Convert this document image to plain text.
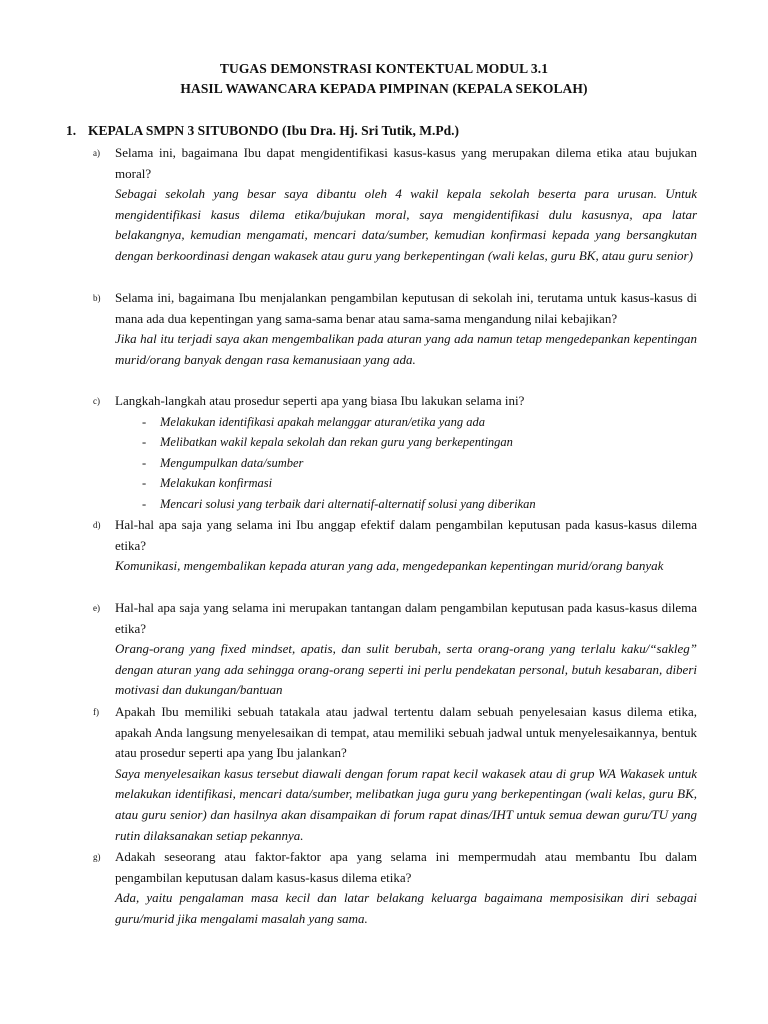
TUGAS DEMONSTRASI KONTEKTUAL MODUL 3.1
HASIL WAWANCARA KEPADA PIMPINAN (KEPALA SEKOLAH)
1. KEPALA SMPN 3 SITUBONDO (Ibu Dra. Hj. Sri Tutik, M.Pd.)
a) Selama ini, bagaimana Ibu dapat mengidentifikasi kasus-kasus yang merupakan dilema etika atau bujukan moral?
Sebagai sekolah yang besar saya dibantu oleh 4 wakil kepala sekolah beserta para urusan. Untuk mengidentifikasi kasus dilema etika/bujukan moral, saya mengidentifikasi dulu kasusnya, apa latar belakangnya, kemudian mengamati, mencari data/sumber, kemudian konfirmasi kepada yang bersangkutan dengan berkoordinasi dengan wakasek atau guru yang berkepentingan (wali kelas, guru BK, atau guru senior)
b) Selama ini, bagaimana Ibu menjalankan pengambilan keputusan di sekolah ini, terutama untuk kasus-kasus di mana ada dua kepentingan yang sama-sama benar atau sama-sama mengandung nilai kebajikan?
Jika hal itu terjadi saya akan mengembalikan pada aturan yang ada namun tetap mengedepankan kepentingan murid/orang banyak dengan rasa kemanusiaan yang ada.
c) Langkah-langkah atau prosedur seperti apa yang biasa Ibu lakukan selama ini?
- Melakukan identifikasi apakah melanggar aturan/etika yang ada
- Melibatkan wakil kepala sekolah dan rekan guru yang berkepentingan
- Mengumpulkan data/sumber
- Melakukan konfirmasi
- Mencari solusi yang terbaik dari alternatif-alternatif solusi yang diberikan
d) Hal-hal apa saja yang selama ini Ibu anggap efektif dalam pengambilan keputusan pada kasus-kasus dilema etika?
Komunikasi, mengembalikan kepada aturan yang ada, mengedepankan kepentingan murid/orang banyak
e) Hal-hal apa saja yang selama ini merupakan tantangan dalam pengambilan keputusan pada kasus-kasus dilema etika?
Orang-orang yang fixed mindset, apatis, dan sulit berubah, serta orang-orang yang terlalu kaku/“sakleg” dengan aturan yang ada sehingga orang-orang seperti ini perlu pendekatan personal, butuh kesabaran, diberi motivasi dan dukungan/bantuan
f) Apakah Ibu memiliki sebuah tatakala atau jadwal tertentu dalam sebuah penyelesaian kasus dilema etika, apakah Anda langsung menyelesaikan di tempat, atau memiliki sebuah jadwal untuk menyelesaikannya, bentuk atau prosedur seperti apa yang Ibu jalankan?
Saya menyelesaikan kasus tersebut diawali dengan forum rapat kecil wakasek atau di grup WA Wakasek untuk melakukan identifikasi, mencari data/sumber, melibatkan juga guru yang berkepentingan (wali kelas, guru BK, atau guru senior) dan hasilnya akan disampaikan di forum rapat dinas/IHT untuk semua dewan guru/TU yang rutin dilaksanakan setiap pekannya.
g) Adakah seseorang atau faktor-faktor apa yang selama ini mempermudah atau membantu Ibu dalam pengambilan keputusan dalam kasus-kasus dilema etika?
Ada, yaitu pengalaman masa kecil dan latar belakang keluarga bagaimana memposisikan diri sebagai guru/murid jika mengalami masalah yang sama.
